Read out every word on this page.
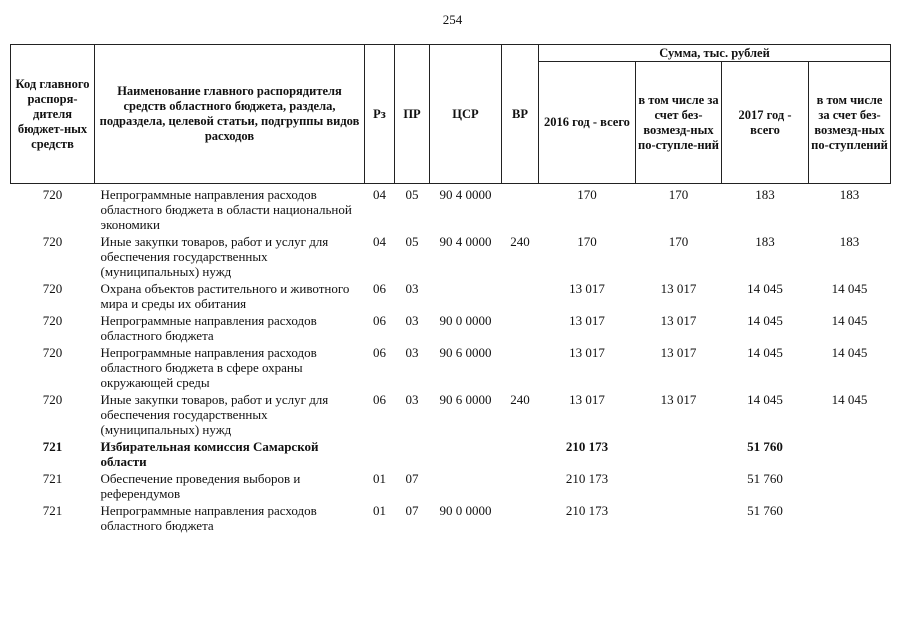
254
Код главного распоря-дителя бюджет-ных средств	Наименование главного распорядителя средств областного бюджета, раздела, подраздела, целевой статьи, подгруппы видов расходов	Рз	ПР	ЦСР	ВР	Сумма, тыс. рублей			
						2016 год - всего	в том числе за счет без-возмезд-ных по-ступле-ний	2017 год - всего	в том числе за счет без-возмезд-ных по-ступлений
720	Непрограммные направления расходов областного бюджета в области национальной экономики	04	05	90 4 0000		170	170	183	183
720	Иные закупки товаров, работ и услуг для обеспечения государственных (муниципальных) нужд	04	05	90 4 0000	240	170	170	183	183
720	Охрана объектов растительного и животного мира и среды их обитания	06	03			13 017	13 017	14 045	14 045
720	Непрограммные направления расходов областного бюджета	06	03	90 0 0000		13 017	13 017	14 045	14 045
720	Непрограммные направления расходов областного бюджета в сфере охраны окружающей среды	06	03	90 6 0000		13 017	13 017	14 045	14 045
720	Иные закупки товаров, работ и услуг для обеспечения государственных (муниципальных) нужд	06	03	90 6 0000	240	13 017	13 017	14 045	14 045
721	Избирательная комиссия Самарской области					210 173		51 760	
721	Обеспечение проведения выборов и референдумов	01	07			210 173		51 760	
721	Непрограммные направления расходов областного бюджета	01	07	90 0 0000		210 173		51 760	
